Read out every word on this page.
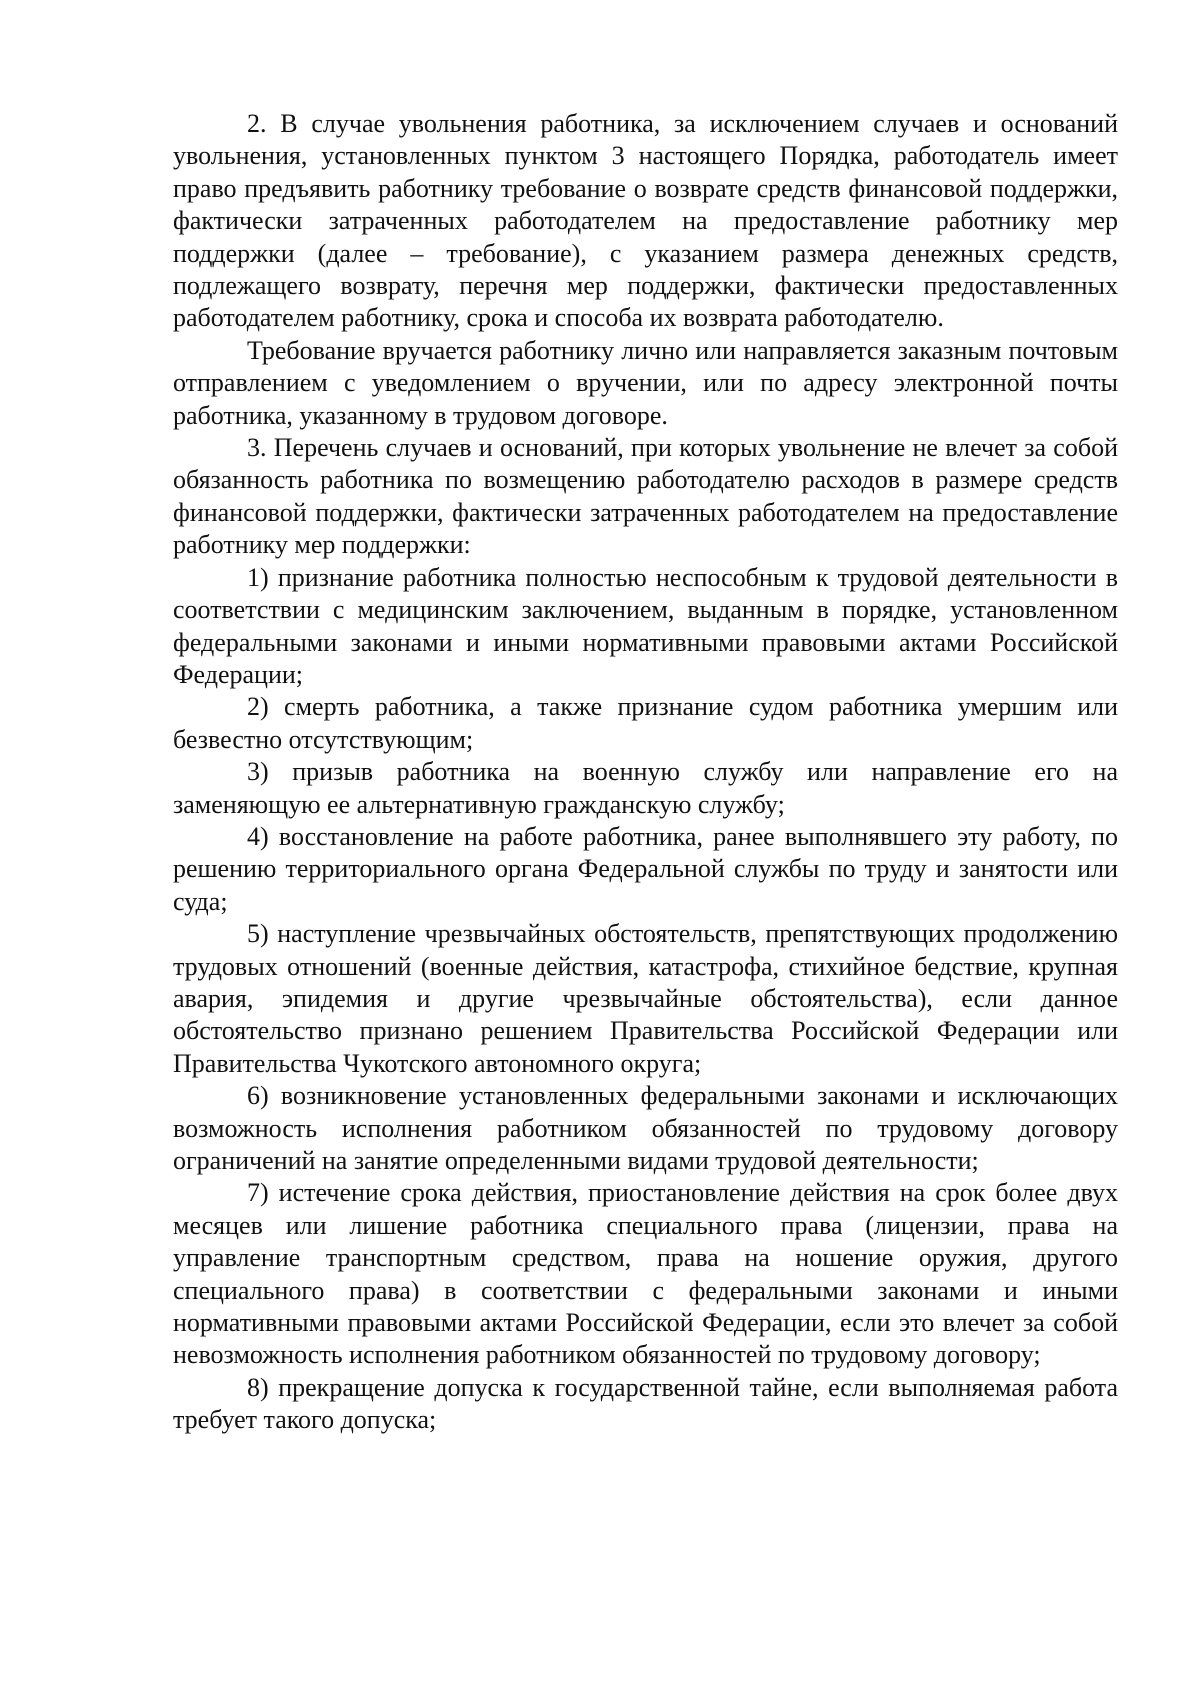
2. В случае увольнения работника, за исключением случаев и оснований увольнения, установленных пунктом 3 настоящего Порядка, работодатель имеет право предъявить работнику требование о возврате средств финансовой поддержки, фактически затраченных работодателем на предоставление работнику мер поддержки (далее – требование), с указанием размера денежных средств, подлежащего возврату, перечня мер поддержки, фактически предоставленных работодателем работнику, срока и способа их возврата работодателю.

Требование вручается работнику лично или направляется заказным почтовым отправлением с уведомлением о вручении, или по адресу электронной почты работника, указанному в трудовом договоре.

3. Перечень случаев и оснований, при которых увольнение не влечет за собой обязанность работника по возмещению работодателю расходов в размере средств финансовой поддержки, фактически затраченных работодателем на предоставление работнику мер поддержки:

1) признание работника полностью неспособным к трудовой деятельности в соответствии с медицинским заключением, выданным в порядке, установленном федеральными законами и иными нормативными правовыми актами Российской Федерации;

2) смерть работника, а также признание судом работника умершим или безвестно отсутствующим;

3) призыв работника на военную службу или направление его на заменяющую ее альтернативную гражданскую службу;

4) восстановление на работе работника, ранее выполнявшего эту работу, по решению территориального органа Федеральной службы по труду и занятости или суда;

5) наступление чрезвычайных обстоятельств, препятствующих продолжению трудовых отношений (военные действия, катастрофа, стихийное бедствие, крупная авария, эпидемия и другие чрезвычайные обстоятельства), если данное обстоятельство признано решением Правительства Российской Федерации или Правительства Чукотского автономного округа;

6) возникновение установленных федеральными законами и исключающих возможность исполнения работником обязанностей по трудовому договору ограничений на занятие определенными видами трудовой деятельности;

7) истечение срока действия, приостановление действия на срок более двух месяцев или лишение работника специального права (лицензии, права на управление транспортным средством, права на ношение оружия, другого специального права) в соответствии с федеральными законами и иными нормативными правовыми актами Российской Федерации, если это влечет за собой невозможность исполнения работником обязанностей по трудовому договору;

8) прекращение допуска к государственной тайне, если выполняемая работа требует такого допуска;
